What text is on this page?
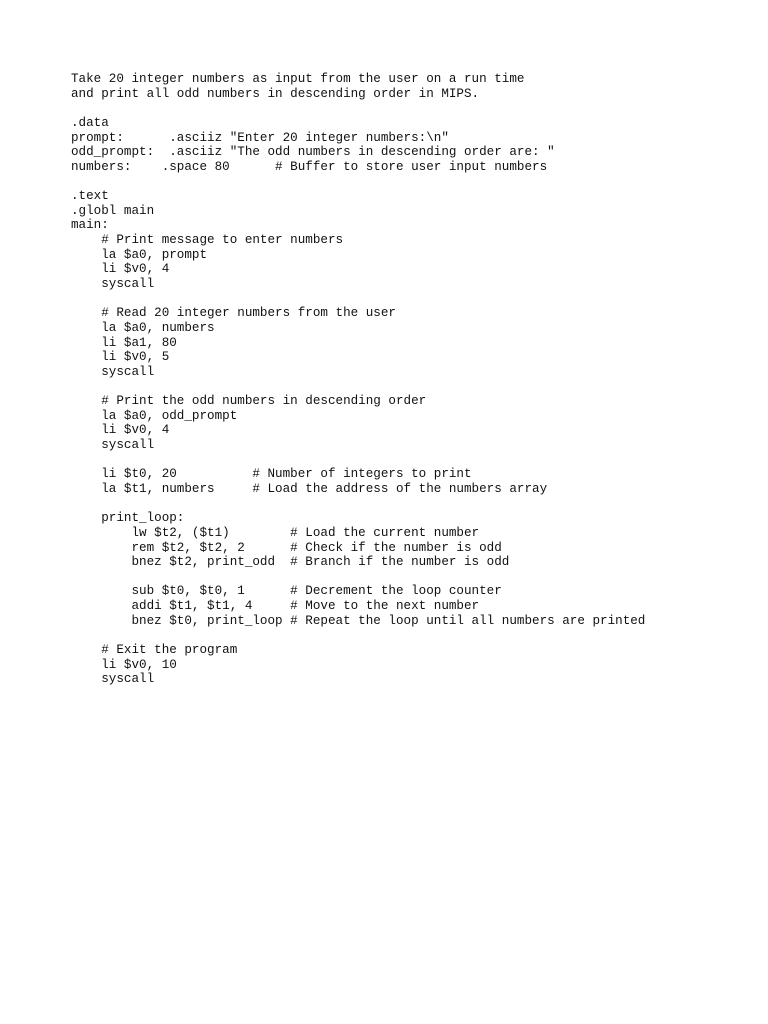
Take 20 integer numbers as input from the user on a run time
and print all odd numbers in descending order in MIPS.
.data
prompt:      .asciiz "Enter 20 integer numbers:\n"
odd_prompt:  .asciiz "The odd numbers in descending order are: "
numbers:    .space 80      # Buffer to store user input numbers
.text
.globl main
main:
# Print message to enter numbers
la $a0, prompt
li $v0, 4
syscall
# Read 20 integer numbers from the user
la $a0, numbers
li $a1, 80
li $v0, 5
syscall
# Print the odd numbers in descending order
la $a0, odd_prompt
li $v0, 4
syscall
li $t0, 20          # Number of integers to print
la $t1, numbers     # Load the address of the numbers array
print_loop:
lw $t2, ($t1)        # Load the current number
rem $t2, $t2, 2      # Check if the number is odd
bnez $t2, print_odd  # Branch if the number is odd
sub $t0, $t0, 1      # Decrement the loop counter
addi $t1, $t1, 4     # Move to the next number
bnez $t0, print_loop # Repeat the loop until all numbers are printed
# Exit the program
li $v0, 10
syscall
